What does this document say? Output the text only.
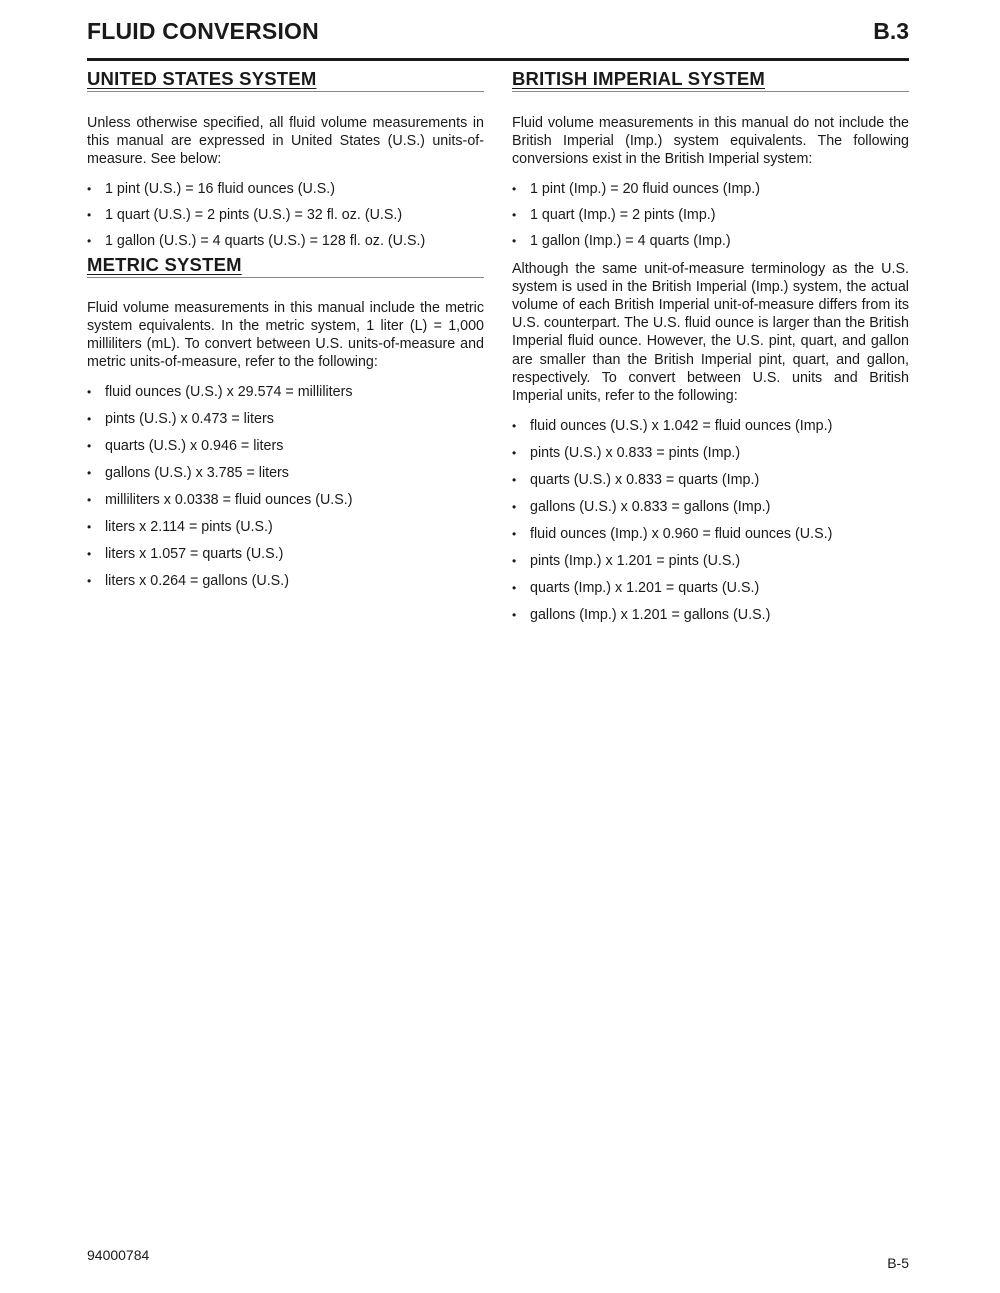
FLUID CONVERSION	B.3
UNITED STATES SYSTEM

Unless otherwise specified, all fluid volume measurements in this manual are expressed in United States (U.S.) units-of-measure. See below:

• 1 pint (U.S.) = 16 fluid ounces (U.S.)
• 1 quart (U.S.) = 2 pints (U.S.) = 32 fl. oz. (U.S.)
• 1 gallon (U.S.) = 4 quarts (U.S.) = 128 fl. oz. (U.S.)
METRIC SYSTEM

Fluid volume measurements in this manual include the metric system equivalents. In the metric system, 1 liter (L) = 1,000 milliliters (mL). To convert between U.S. units-of-measure and metric units-of-measure, refer to the following:

• fluid ounces (U.S.) x 29.574 = milliliters
• pints (U.S.) x 0.473 = liters
• quarts (U.S.) x 0.946 = liters
• gallons (U.S.) x 3.785 = liters
• milliliters x 0.0338 = fluid ounces (U.S.)
• liters x 2.114 = pints (U.S.)
• liters x 1.057 = quarts (U.S.)
• liters x 0.264 = gallons (U.S.)
BRITISH IMPERIAL SYSTEM

Fluid volume measurements in this manual do not include the British Imperial (Imp.) system equivalents. The following conversions exist in the British Imperial system:

• 1 pint (Imp.) = 20 fluid ounces (Imp.)
• 1 quart (Imp.) = 2 pints (Imp.)
• 1 gallon (Imp.) = 4 quarts (Imp.)

Although the same unit-of-measure terminology as the U.S. system is used in the British Imperial (Imp.) system, the actual volume of each British Imperial unit-of-measure differs from its U.S. counterpart. The U.S. fluid ounce is larger than the British Imperial fluid ounce. However, the U.S. pint, quart, and gallon are smaller than the British Imperial pint, quart, and gallon, respectively. To convert between U.S. units and British Imperial units, refer to the following:

• fluid ounces (U.S.) x 1.042 = fluid ounces (Imp.)
• pints (U.S.) x 0.833 = pints (Imp.)
• quarts (U.S.) x 0.833 = quarts (Imp.)
• gallons (U.S.) x 0.833 = gallons (Imp.)
• fluid ounces (Imp.) x 0.960 = fluid ounces (U.S.)
• pints (Imp.) x 1.201 = pints (U.S.)
• quarts (Imp.) x 1.201 = quarts (U.S.)
• gallons (Imp.) x 1.201 = gallons (U.S.)
94000784	B-5
